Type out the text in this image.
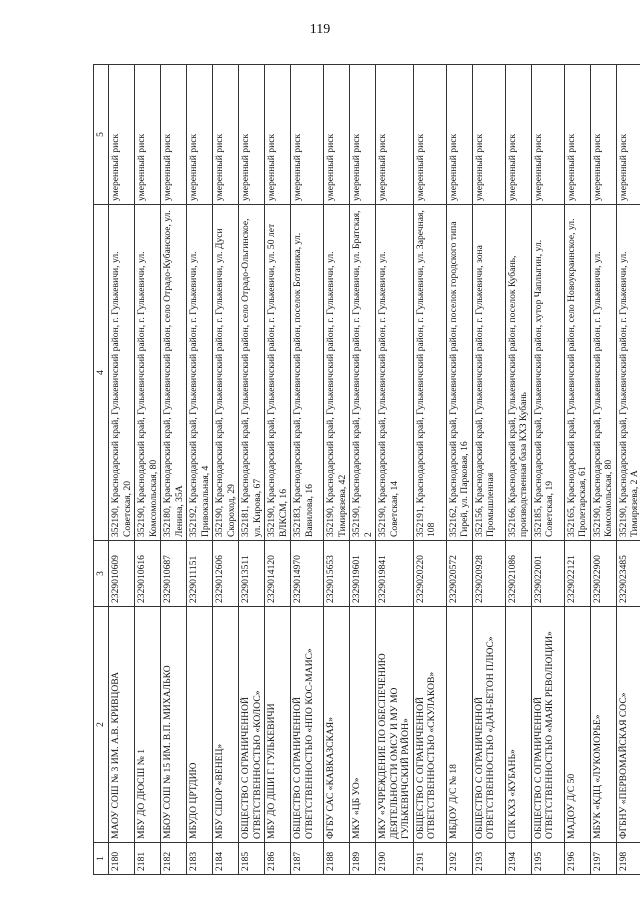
119
1	2	3	4	5
2180	МАОУ СОШ № 3 ИМ. А.В. КРИВЦОВА	2329010609	352190, Краснодарский край, Гулькевичский район, г. Гулькевичи, ул. Советская, 20	умеренный риск
2181	МБУ ДО ДЮСШ № 1	2329010616	352190, Краснодарский край, Гулькевичский район, г. Гулькевичи, ул. Комсомольская, 80	умеренный риск
2182	МБОУ СОШ № 15 ИМ. В.П. МИХАЛЬКО	2329010687	352180, Краснодарский край, Гулькевичский район, село Отрадо-Кубанское, ул. Ленина, 35А	умеренный риск
2183	МБУДО ЦРТДИЮ	2329011151	352192, Краснодарский край, Гулькевичский район, г. Гулькевичи, ул. Привокзальная, 4	умеренный риск
2184	МБУ СШОР «ВЕНЕЦ»	2329012606	352190, Краснодарский край, Гулькевичский район, г. Гулькевичи, ул. Дуси Скороход, 29	умеренный риск
2185	ОБЩЕСТВО С ОГРАНИЧЕННОЙ ОТВЕТСТВЕННОСТЬЮ «КОЛОС»	2329013511	352181, Краснодарский край, Гулькевичский район, село Отрадо-Ольгинское, ул. Кирова, 67	умеренный риск
2186	МБУ ДО ДШИ Г. ГУЛЬКЕВИЧИ	2329014120	352190, Краснодарский край, Гулькевичский район, г. Гулькевичи, ул. 50 лет ВЛКСМ, 16	умеренный риск
2187	ОБЩЕСТВО С ОГРАНИЧЕННОЙ ОТВЕТСТВЕННОСТЬЮ «НПО КОС-МАИС»	2329014970	352183, Краснодарский край, Гулькевичский район, поселок Ботаника, ул. Вавилова, 16	умеренный риск
2188	ФГБУ САС «КАВКАЗСКАЯ»	2329015653	352190, Краснодарский край, Гулькевичский район, г. Гулькевичи, ул. Тимирязева, 42	умеренный риск
2189	МКУ «ЦБ УО»	2329019601	352190, Краснодарский край, Гулькевичский район, г. Гулькевичи, ул. Братская, 2	умеренный риск
2190	МКУ «УЧРЕЖДЕНИЕ ПО ОБЕСПЕЧЕНИЮ ДЕЯТЕЛЬНОСТИ ОМСУ И МУ МО ГУЛЬКЕВИЧСКИЙ РАЙОН»	2329019841	352190, Краснодарский край, Гулькевичский район, г. Гулькевичи, ул. Советская, 14	умеренный риск
2191	ОБЩЕСТВО С ОГРАНИЧЕННОЙ ОТВЕТСТВЕННОСТЬЮ «СКУЛАКОВ»	2329020220	352191, Краснодарский край, Гулькевичский район, г. Гулькевичи, ул. Заречная, 108	умеренный риск
2192	МБДОУ Д/С № 18	2329020572	352162, Краснодарский край, Гулькевичский район, поселок городского типа Гирей, ул. Парковая, 16	умеренный риск
2193	ОБЩЕСТВО С ОГРАНИЧЕННОЙ ОТВЕТСТВЕННОСТЬЮ «ДАН-БЕТОН ПЛЮС»	2329020928	352156, Краснодарский край, Гулькевичский район, г. Гулькевичи, зона Промышленная	умеренный риск
2194	СПК КХЗ «КУБАНЬ»	2329021086	352166, Краснодарский край, Гулькевичский район, поселок Кубань, производственная база КХЗ Кубань	умеренный риск
2195	ОБЩЕСТВО С ОГРАНИЧЕННОЙ ОТВЕТСТВЕННОСТЬЮ «МАЯК РЕВОЛЮЦИИ»	2329022001	352185, Краснодарский край, Гулькевичский район, хутор Чаплыгин, ул. Советская, 19	умеренный риск
2196	МАДОУ Д/С 50	2329022121	352165, Краснодарский край, Гулькевичский район, село Новоукраинское, ул. Пролетарская, 61	умеренный риск
2197	МБУК «КДЦ «ЛУКОМОРЬЕ»	2329022900	352190, Краснодарский край, Гулькевичский район, г. Гулькевичи, ул. Комсомольская, 80	умеренный риск
2198	ФГБНУ «ПЕРВОМАЙСКАЯ СОС»	2329023485	352190, Краснодарский край, Гулькевичский район, г. Гулькевичи, ул. Тимирязева, 2 А	умеренный риск
